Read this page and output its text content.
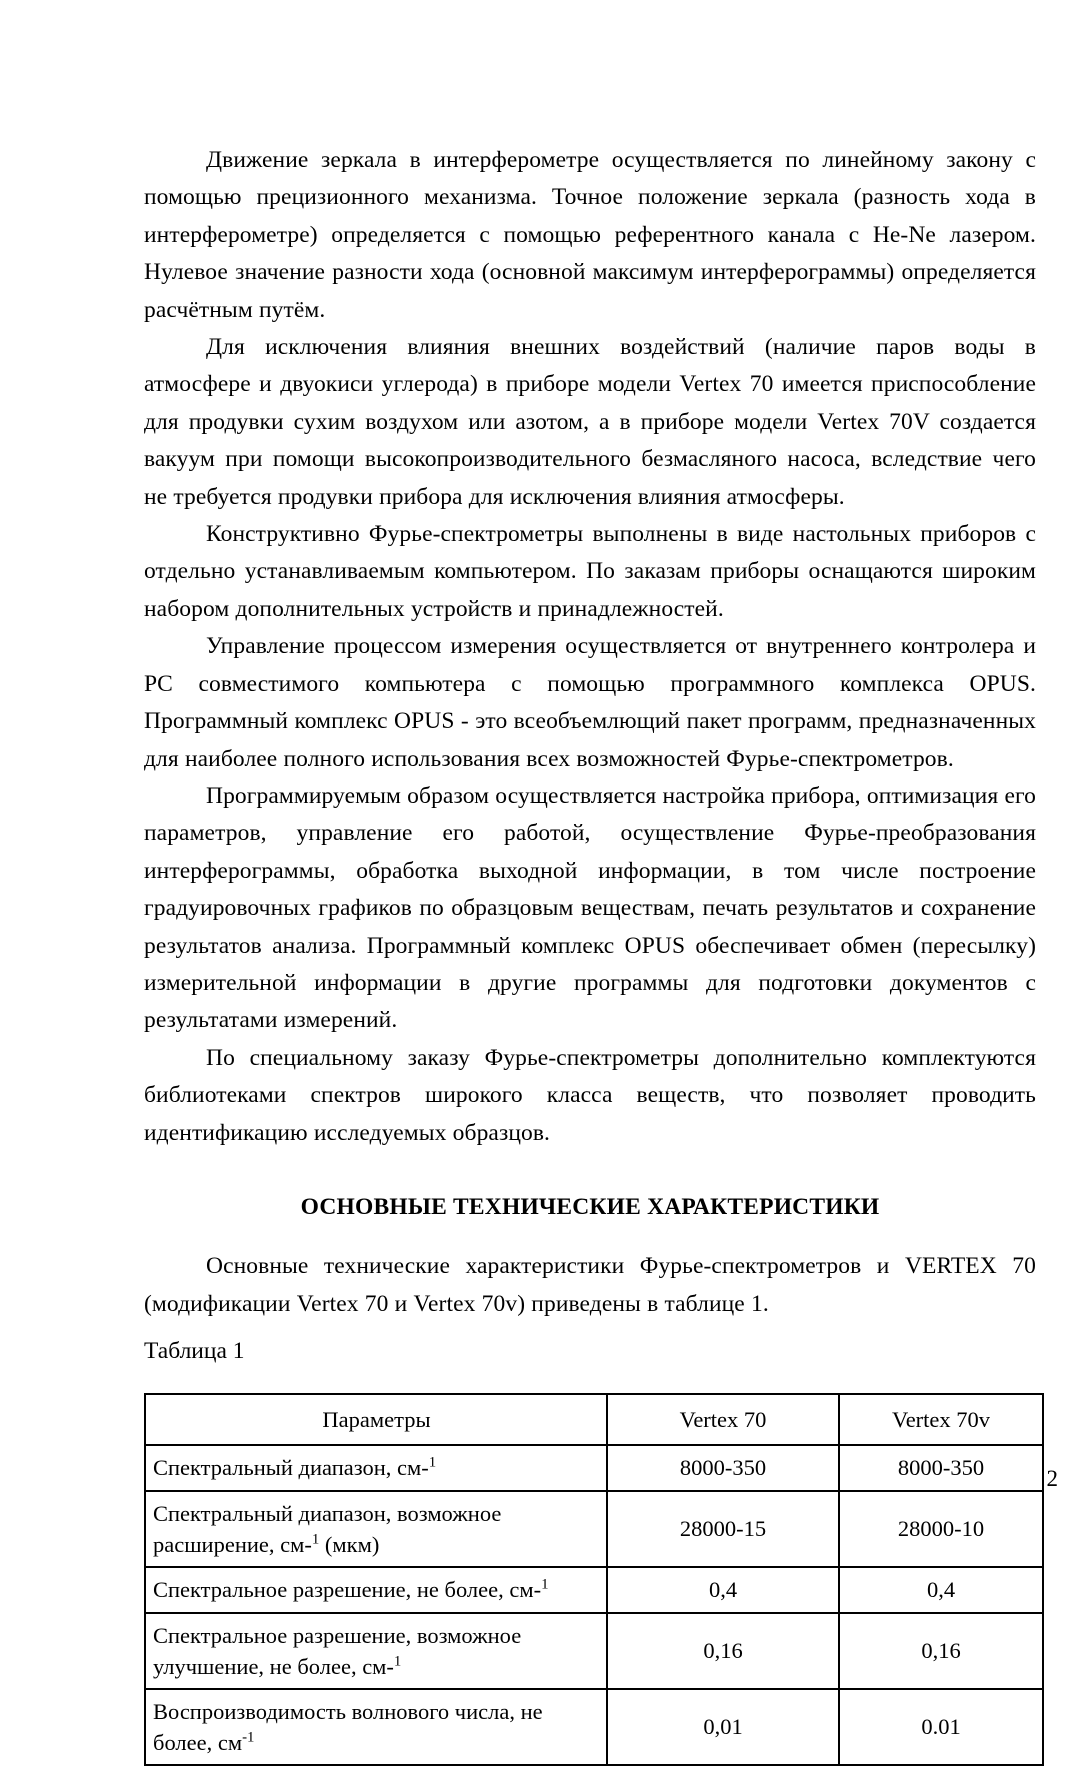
Движение зеркала в интерферометре осуществляется по линейному закону с помощью прецизионного механизма. Точное положение зеркала (разность хода в интерферометре) определяется с помощью референтного канала с He-Ne лазером. Нулевое значение разности хода (основной максимум интерферограммы) определяется расчётным путём.

Для исключения влияния внешних воздействий (наличие паров воды в атмосфере и двуокиси углерода) в приборе модели Vertex 70 имеется приспособление для продувки сухим воздухом или азотом, а в приборе модели Vertex 70V создается вакуум при помощи высокопроизводительного безмасляного насоса, вследствие чего не требуется продувки прибора для исключения влияния атмосферы.

Конструктивно Фурье-спектрометры выполнены в виде настольных приборов с отдельно устанавливаемым компьютером. По заказам приборы оснащаются широким набором дополнительных устройств и принадлежностей.

Управление процессом измерения осуществляется от внутреннего контролера и PC совместимого компьютера с помощью программного комплекса OPUS. Программный комплекс OPUS - это всеобъемлющий пакет программ, предназначенных для наиболее полного использования всех возможностей Фурье-спектрометров.

Программируемым образом осуществляется настройка прибора, оптимизация его параметров, управление его работой, осуществление Фурье-преобразования интерферограммы, обработка выходной информации, в том числе построение градуировочных графиков по образцовым веществам, печать результатов и сохранение результатов анализа. Программный комплекс OPUS обеспечивает обмен (пересылку) измерительной информации в другие программы для подготовки документов с результатами измерений.

По специальному заказу Фурье-спектрометры дополнительно комплектуются библиотеками спектров широкого класса веществ, что позволяет проводить идентификацию исследуемых образцов.

ОСНОВНЫЕ ТЕХНИЧЕСКИЕ ХАРАКТЕРИСТИКИ

Основные технические характеристики Фурье-спектрометров и VERTEX 70 (модификации Vertex 70 и Vertex 70v) приведены в таблице 1.

Таблица 1

Параметры	Vertex 70	Vertex 70v

Спектральный диапазон, см-$^1$	8000-350	8000-350

Спектральный диапазон, возможное расширение, см-$^1$ (мкм)	28000-15	28000-10

Спектральное разрешение, не более, см-$^1$	0,4	0,4

Спектральное разрешение, возможное улучшение, не более, см-$^1$	0,16	0,16

Воспроизводимость волнового числа, не более, $см^{-1}$	0,01	0.01
2
